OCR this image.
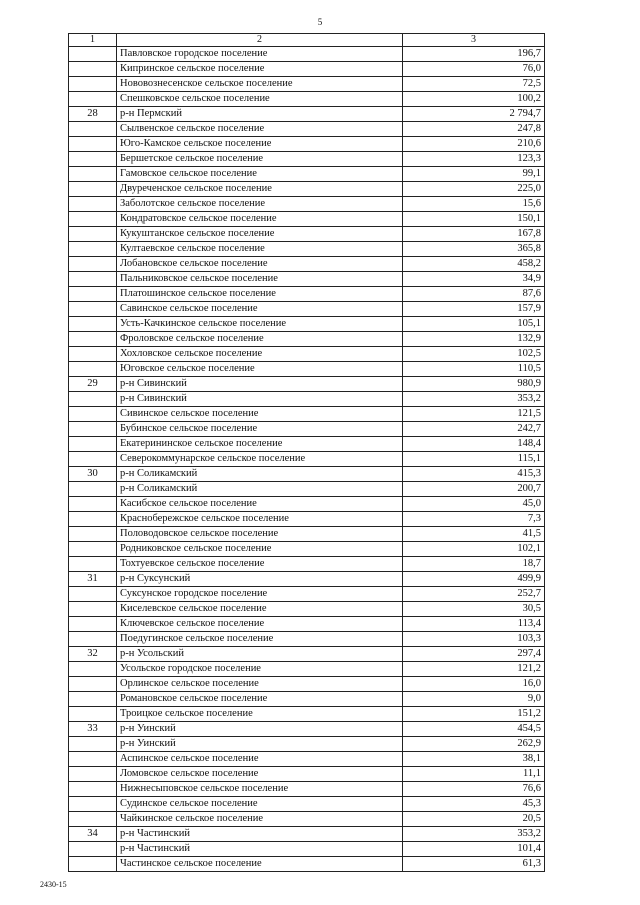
5
1	2	3
	Павловское городское поселение	196,7
	Кипринское сельское поселение	76,0
	Нововознесенское сельское поселение	72,5
	Спешковское сельское поселение	100,2
28	р-н Пермский	2 794,7
	Сылвенское сельское поселение	247,8
	Юго-Камское сельское поселение	210,6
	Бершетское сельское поселение	123,3
	Гамовское сельское поселение	99,1
	Двуреченское сельское поселение	225,0
	Заболотское сельское поселение	15,6
	Кондратовское сельское поселение	150,1
	Кукуштанское сельское поселение	167,8
	Култаевское сельское поселение	365,8
	Лобановское сельское поселение	458,2
	Пальниковское сельское поселение	34,9
	Платошинское сельское поселение	87,6
	Савинское сельское поселение	157,9
	Усть-Качкинское сельское поселение	105,1
	Фроловское сельское поселение	132,9
	Хохловское сельское поселение	102,5
	Юговское сельское поселение	110,5
29	р-н Сивинский	980,9
	р-н Сивинский	353,2
	Сивинское сельское поселение	121,5
	Бубинское сельское поселение	242,7
	Екатерининское сельское поселение	148,4
	Северокоммунарское сельское поселение	115,1
30	р-н Соликамский	415,3
	р-н Соликамский	200,7
	Касибское сельское поселение	45,0
	Краснобережское сельское поселение	7,3
	Половодовское сельское поселение	41,5
	Родниковское сельское поселение	102,1
	Тохтуевское сельское поселение	18,7
31	р-н Суксунский	499,9
	Суксунское городское поселение	252,7
	Киселевское сельское поселение	30,5
	Ключевское сельское поселение	113,4
	Поедугинское сельское поселение	103,3
32	р-н Усольский	297,4
	Усольское городское поселение	121,2
	Орлинское сельское поселение	16,0
	Романовское сельское поселение	9,0
	Троицкое сельское поселение	151,2
33	р-н Уинский	454,5
	р-н Уинский	262,9
	Аспинское сельское поселение	38,1
	Ломовское сельское поселение	11,1
	Нижнесыповское сельское поселение	76,6
	Судинское сельское поселение	45,3
	Чайкинское сельское поселение	20,5
34	р-н Частинский	353,2
	р-н Частинский	101,4
	Частинское сельское поселение	61,3
2430-15
